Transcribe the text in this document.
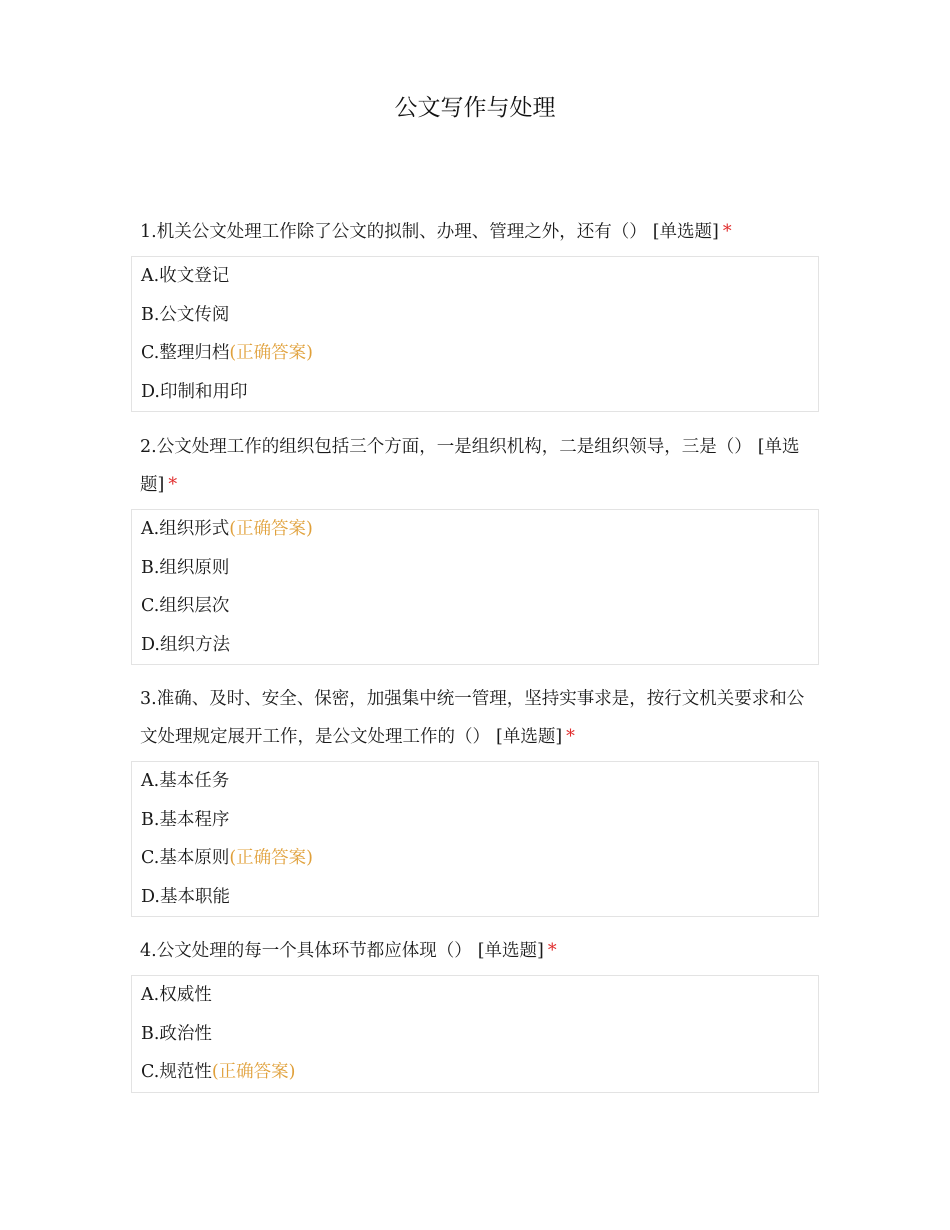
公文写作与处理
1.机关公文处理工作除了公文的拟制、办理、管理之外，还有（） [单选题] *
A.收文登记
B.公文传阅
C.整理归档(正确答案)
D.印制和用印
2.公文处理工作的组织包括三个方面，一是组织机构，二是组织领导，三是（） [单选题] *
A.组织形式(正确答案)
B.组织原则
C.组织层次
D.组织方法
3.准确、及时、安全、保密，加强集中统一管理，坚持实事求是，按行文机关要求和公文处理规定展开工作，是公文处理工作的（） [单选题] *
A.基本任务
B.基本程序
C.基本原则(正确答案)
D.基本职能
4.公文处理的每一个具体环节都应体现（） [单选题] *
A.权威性
B.政治性
C.规范性(正确答案)
